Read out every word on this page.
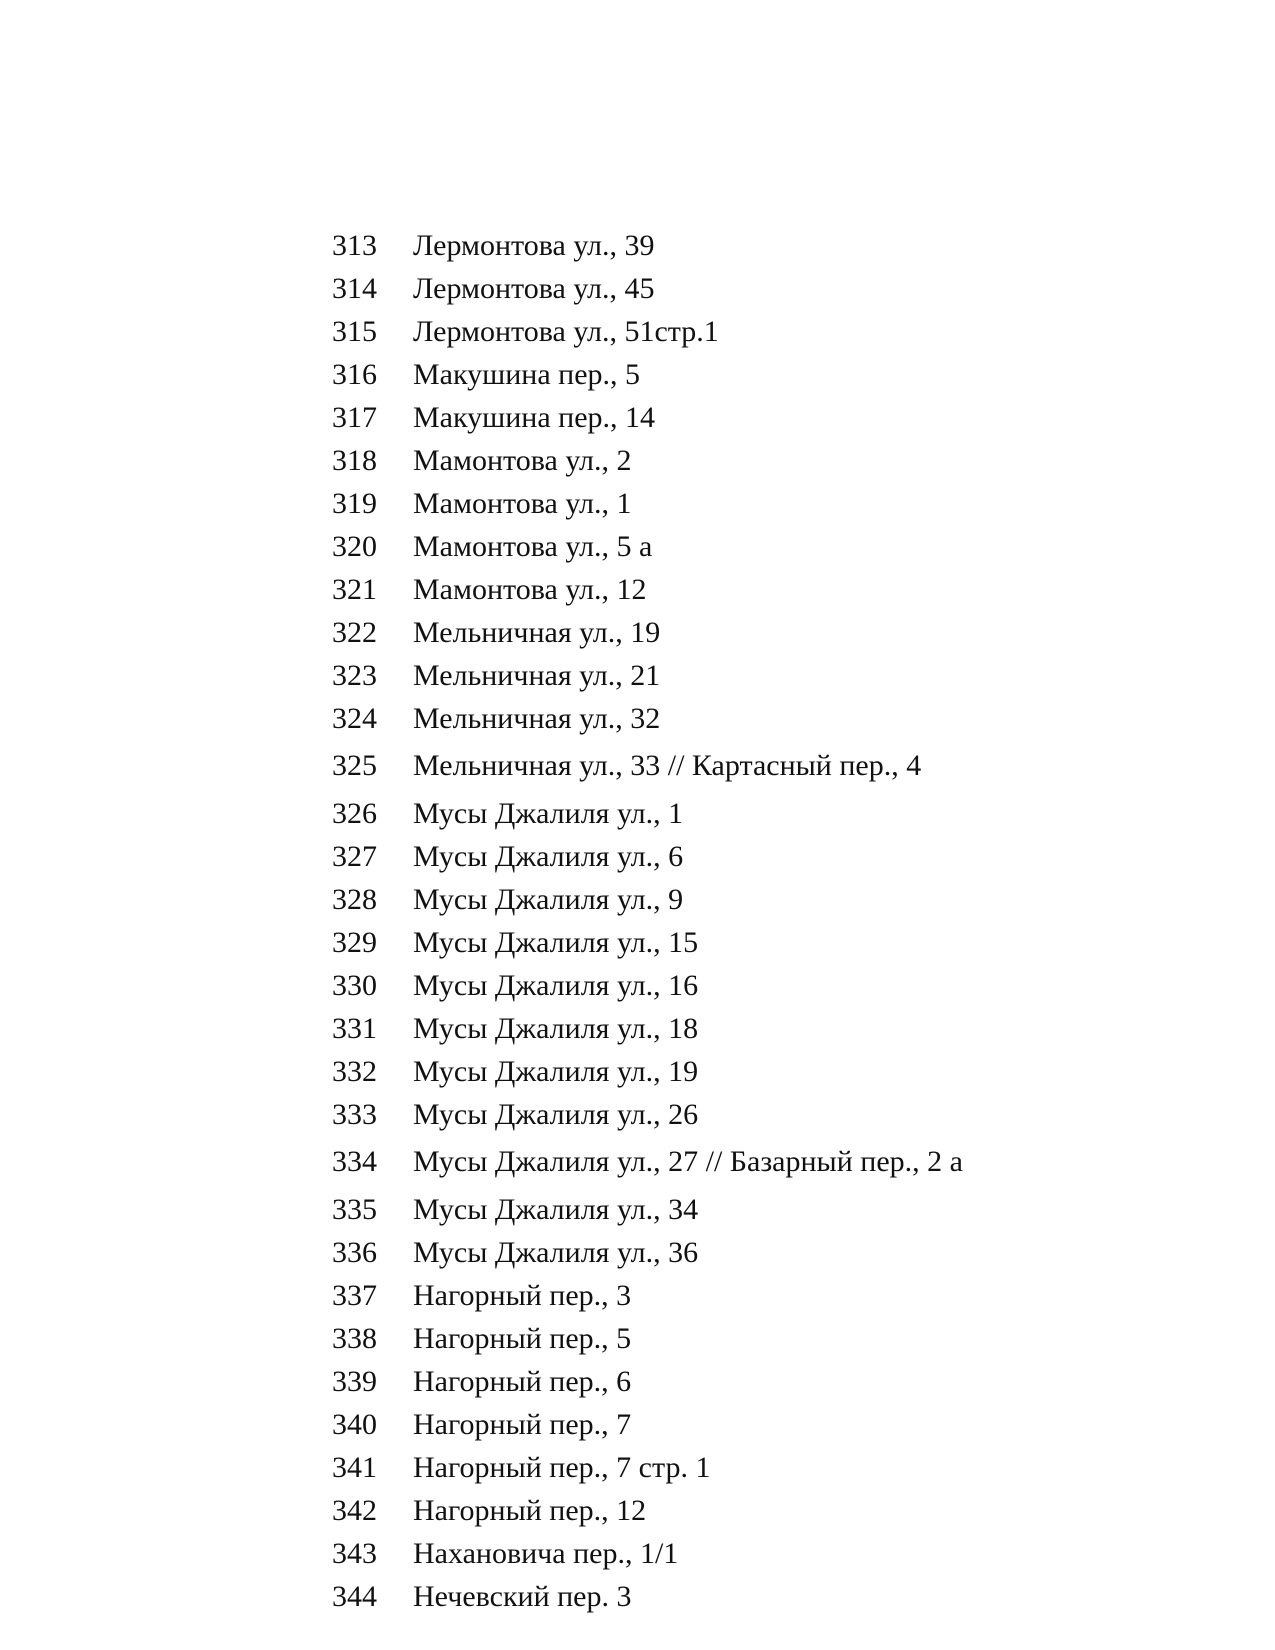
313 Лермонтова ул., 39
314 Лермонтова ул., 45
315 Лермонтова ул., 51стр.1
316 Макушина пер., 5
317 Макушина пер., 14
318 Мамонтова ул., 2
319 Мамонтова ул., 1
320 Мамонтова ул., 5 а
321 Мамонтова ул., 12
322 Мельничная ул., 19
323 Мельничная ул., 21
324 Мельничная ул., 32
325 Мельничная ул., 33 // Картасный пер., 4
326 Мусы Джалиля ул., 1
327 Мусы Джалиля ул., 6
328 Мусы Джалиля ул., 9
329 Мусы Джалиля ул., 15
330 Мусы Джалиля ул., 16
331 Мусы Джалиля ул., 18
332 Мусы Джалиля ул., 19
333 Мусы Джалиля ул., 26
334 Мусы Джалиля ул., 27 // Базарный пер., 2 а
335 Мусы Джалиля ул., 34
336 Мусы Джалиля ул., 36
337 Нагорный пер., 3
338 Нагорный пер., 5
339 Нагорный пер., 6
340 Нагорный пер., 7
341 Нагорный пер., 7 стр. 1
342 Нагорный пер., 12
343 Нахановича пер., 1/1
344 Нечевский пер. 3
